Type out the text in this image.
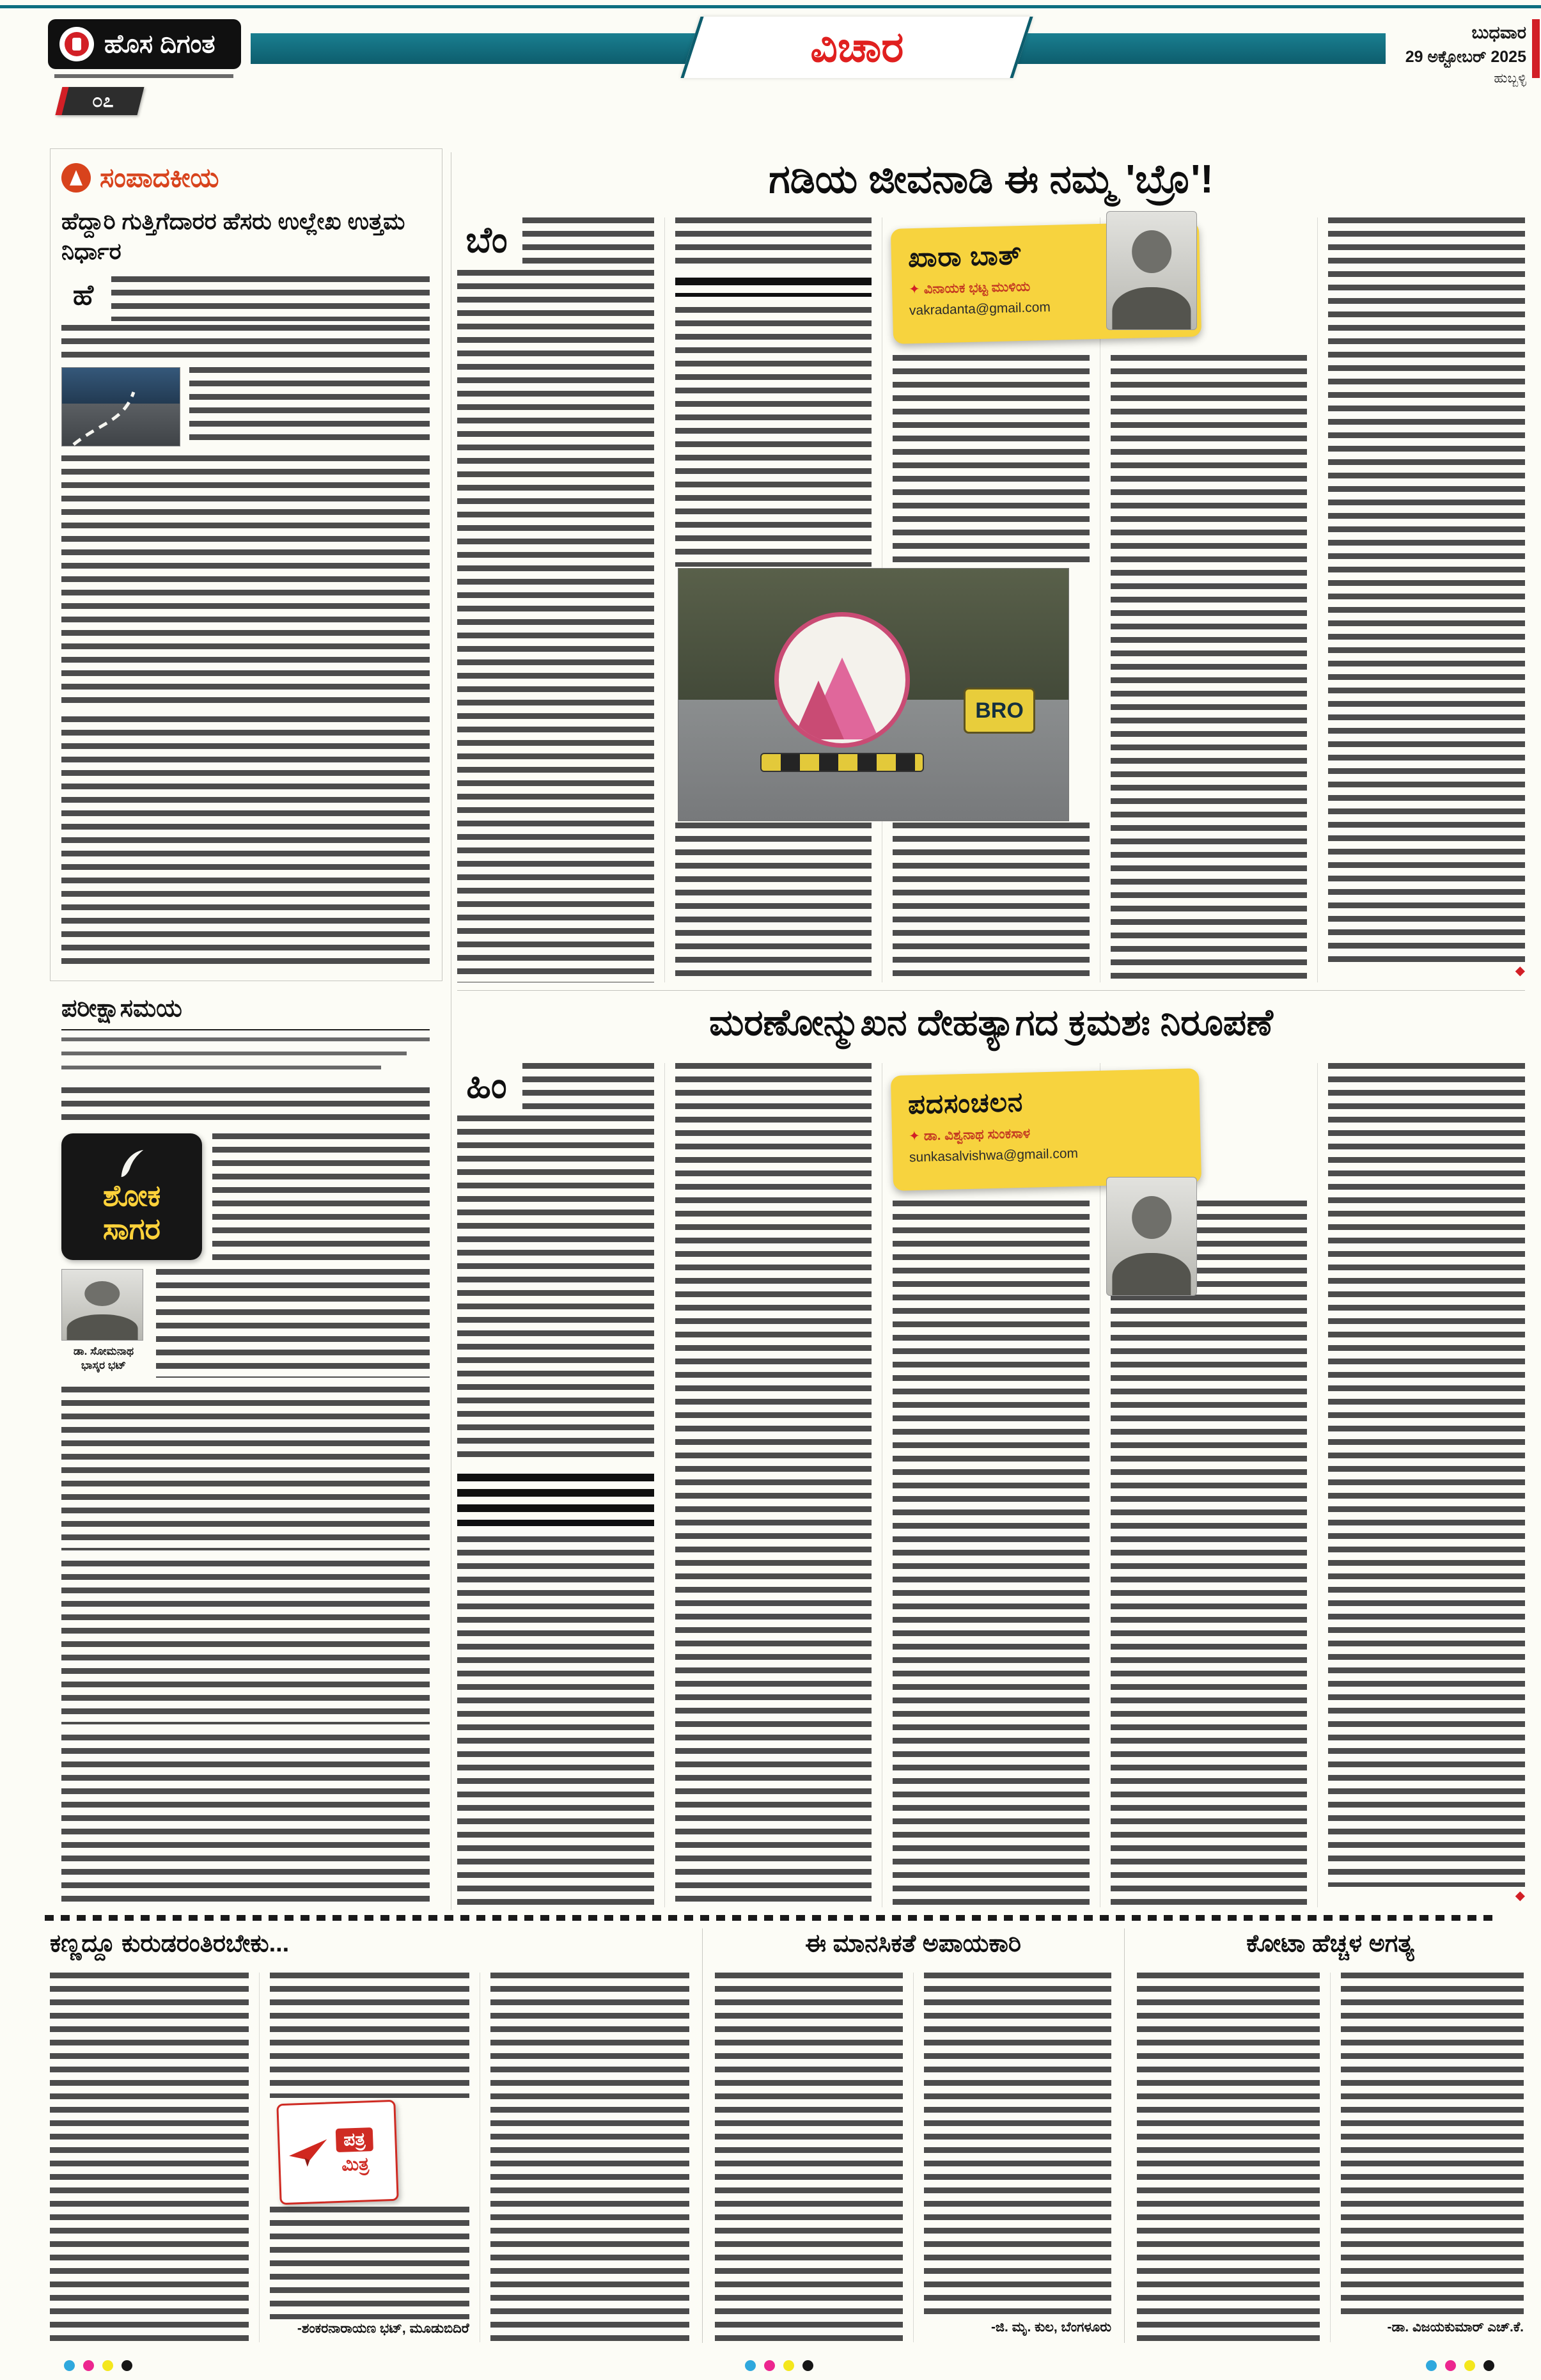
ಹೊಸ ದಿಗಂತ
೦೭
ವಿಚಾರ	ಬುಧವಾರ
29 ಅಕ್ಟೋಬರ್ 2025
ಹುಬ್ಬಳ್ಳಿ
ಸಂಪಾದಕೀಯ
ಹೆದ್ದಾರಿ ಗುತ್ತಿಗೆದಾರರ ಹೆಸರು ಉಲ್ಲೇಖ ಉತ್ತಮ ನಿರ್ಧಾರ
ಹೆ
ಪರೀಕ್ಷಾಸಮಯ
ಶೋಕ
ಸಾಗರ
ಡಾ. ಸೋಮನಾಥ
ಭಾಸ್ಕರ ಭಟ್
ಗಡಿಯ ಜೀವನಾಡಿ ಈ ನಮ್ಮ 'ಬ್ರೊ'!
ಬೆಂ
◆
ಖಾರಾ ಬಾತ್
✦ ವಿನಾಯಕ ಭಟ್ಟ ಮುಳಿಯ
vakradanta@gmail.com
BRO
ಮರಣೋನ್ಮುಖನ ದೇಹತ್ಯಾಗದ ಕ್ರಮಶಃ ನಿರೂಪಣೆ
ಹಿಂ
◆
ಪದಸಂಚಲನ
✦ ಡಾ. ವಿಶ್ವನಾಥ ಸುಂಕಸಾಳ
sunkasalvishwa@gmail.com
ಕಣ್ಣದ್ದೂ ಕುರುಡರಂತಿರಬೇಕು...
-ಶಂಕರನಾರಾಯಣ ಭಟ್, ಮೂಡುಬಿದಿರೆ
ಪತ್ರ
ಮಿತ್ರ
ಈ ಮಾನಸಿಕತೆ ಅಪಾಯಕಾರಿ
-ಜಿ. ಮೃ. ಕುಲ, ಬೆಂಗಳೂರು
ಕೋಟಾ ಹೆಚ್ಚಳ ಅಗತ್ಯ
-ಡಾ. ವಿಜಯಕುಮಾರ್ ಎಚ್.ಕೆ.
